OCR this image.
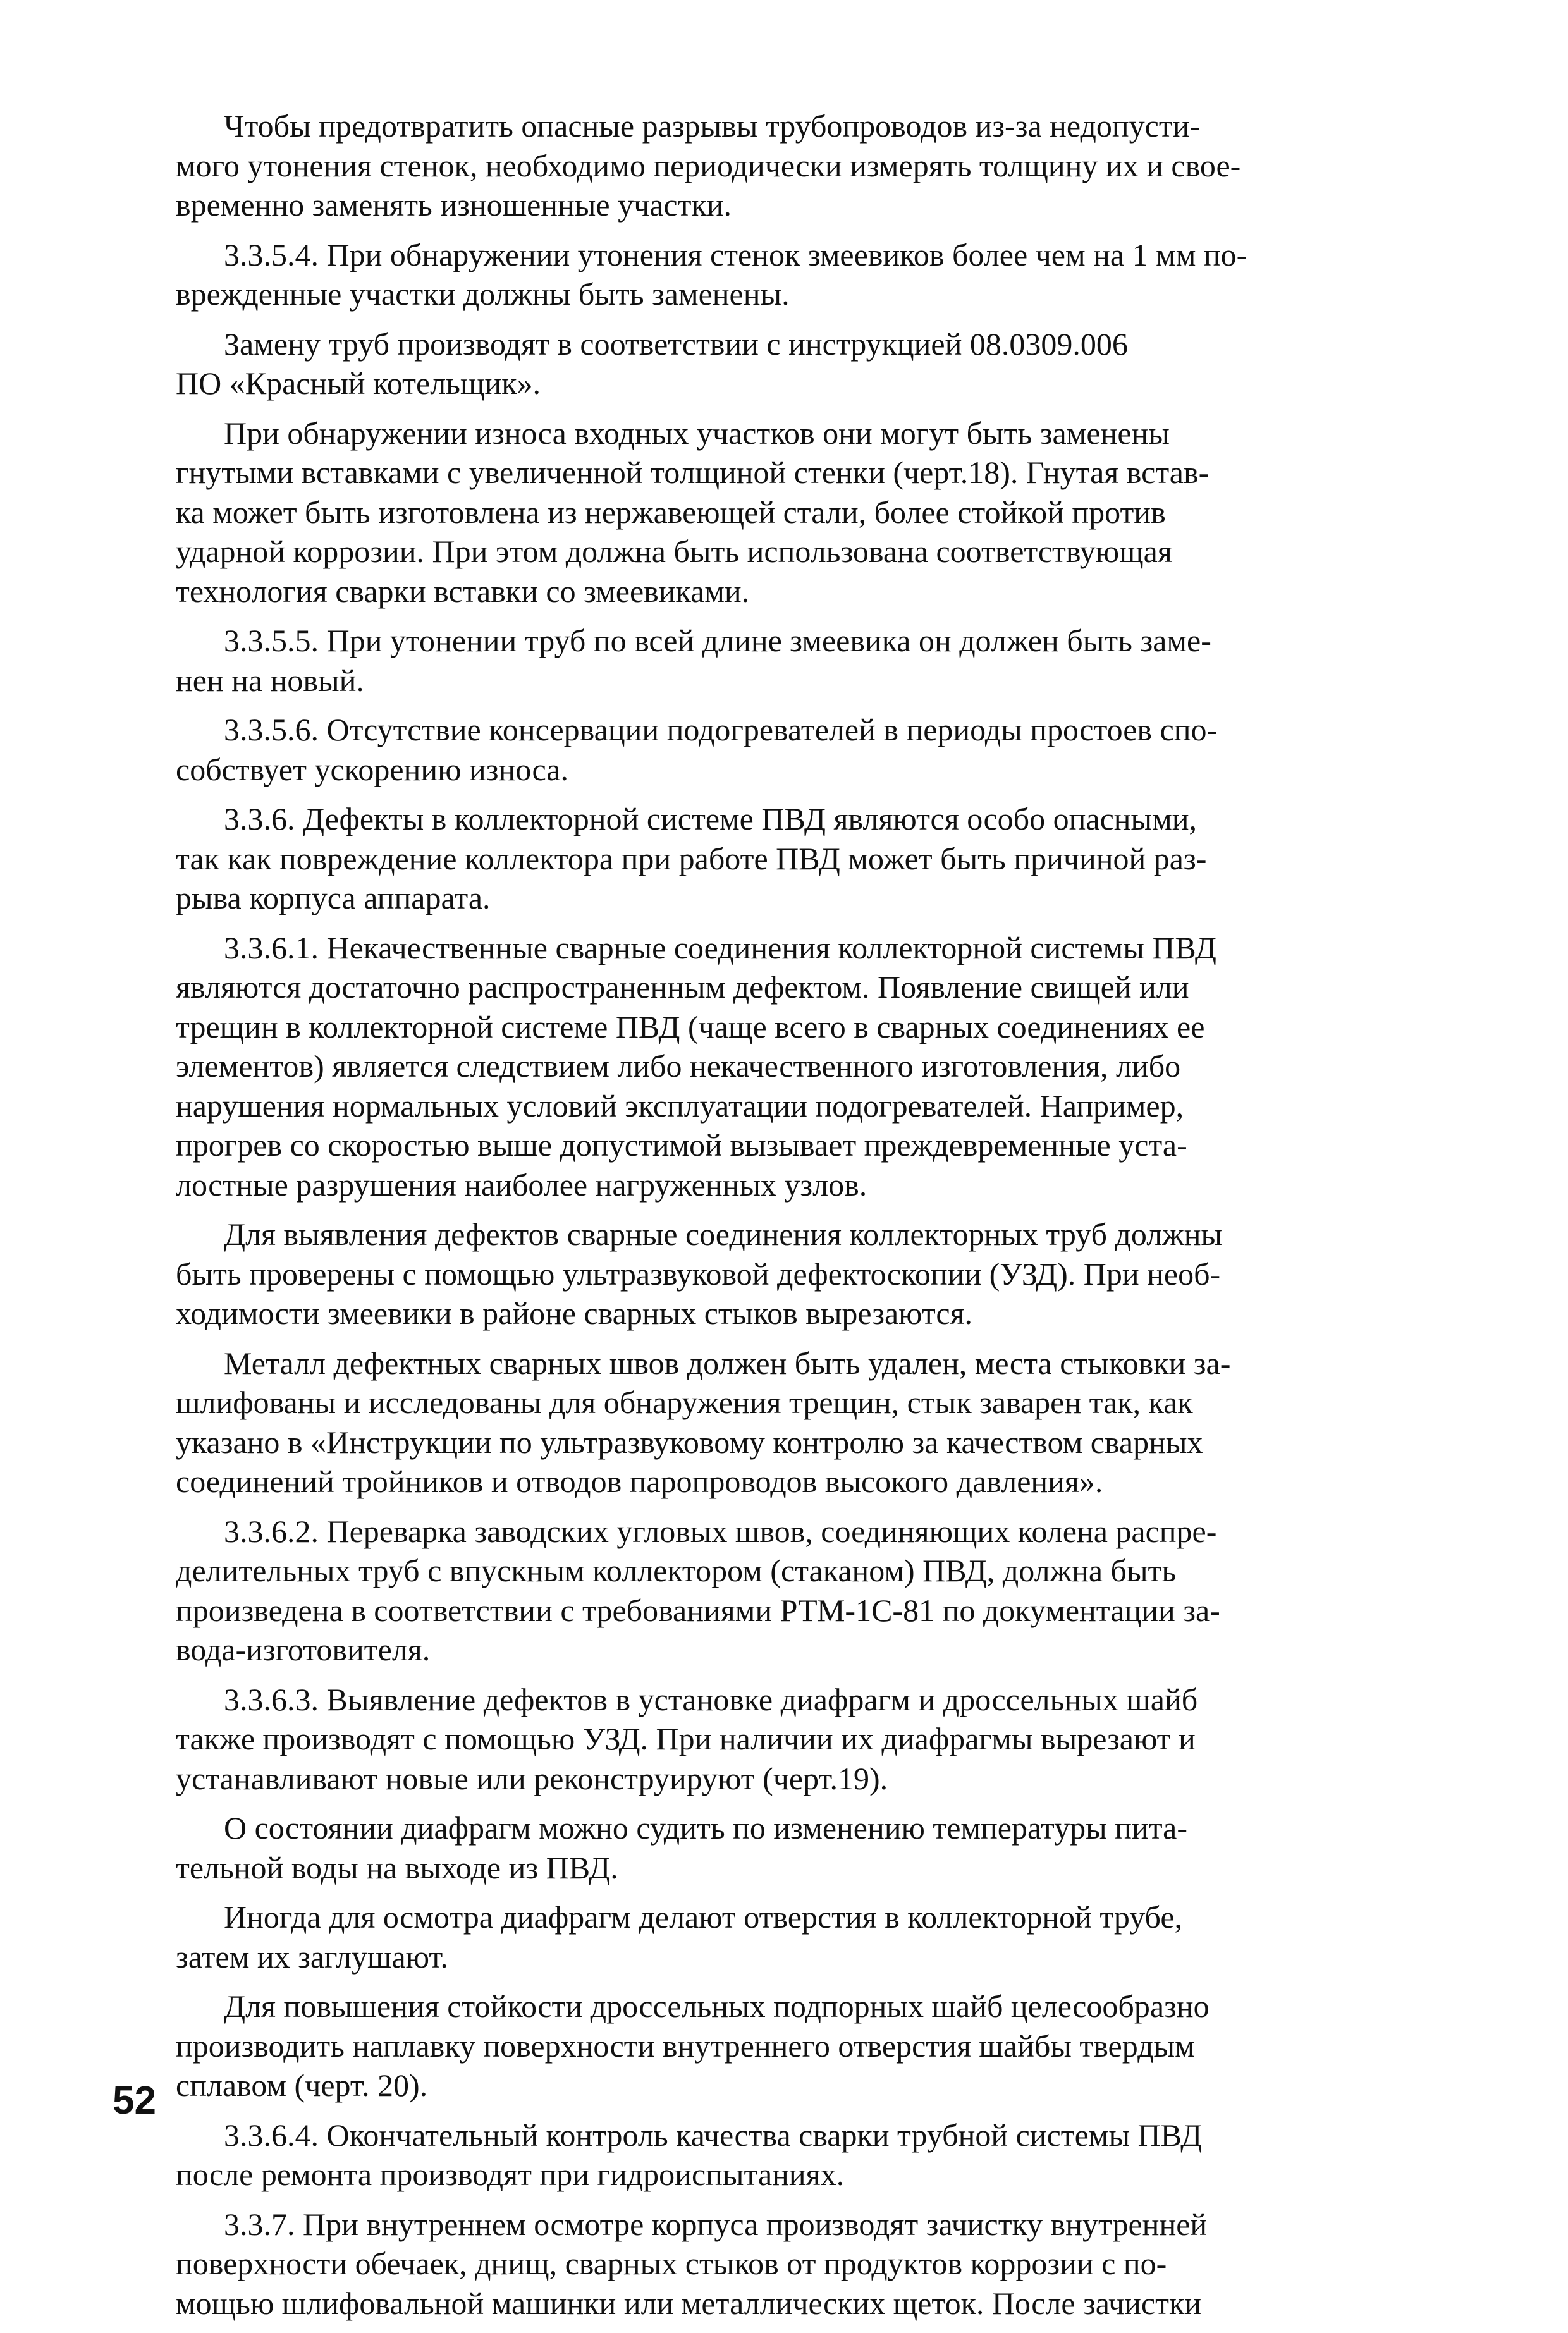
Чтобы предотвратить опасные разрывы трубопроводов из-за недопусти-
мого утонения стенок, необходимо периодически измерять толщину их и свое-
временно заменять изношенные участки.
3.3.5.4. При обнаружении утонения стенок змеевиков более чем на 1 мм по-
врежденные участки должны быть заменены.
Замену труб производят в соответствии с инструкцией 08.0309.006
ПО «Красный котельщик».
При обнаружении износа входных участков они могут быть заменены
гнутыми вставками с увеличенной толщиной стенки (черт.18). Гнутая встав-
ка может быть изготовлена из нержавеющей стали, более стойкой против
ударной коррозии. При этом должна быть использована соответствующая
технология сварки вставки со змеевиками.
3.3.5.5. При утонении труб по всей длине змеевика он должен быть заме-
нен на новый.
3.3.5.6. Отсутствие консервации подогревателей в периоды простоев спо-
собствует ускорению износа.
3.3.6. Дефекты в коллекторной системе ПВД являются особо опасными,
так как повреждение коллектора при работе ПВД может быть причиной раз-
рыва корпуса аппарата.
3.3.6.1. Некачественные сварные соединения коллекторной системы ПВД
являются достаточно распространенным дефектом. Появление свищей или
трещин в коллекторной системе ПВД (чаще всего в сварных соединениях ее
элементов) является следствием либо некачественного изготовления, либо
нарушения нормальных условий эксплуатации подогревателей. Например,
прогрев со скоростью выше допустимой вызывает преждевременные уста-
лостные разрушения наиболее нагруженных узлов.
Для выявления дефектов сварные соединения коллекторных труб должны
быть проверены с помощью ультразвуковой дефектоскопии (УЗД). При необ-
ходимости змеевики в районе сварных стыков вырезаются.
Металл дефектных сварных швов должен быть удален, места стыковки за-
шлифованы и исследованы для обнаружения трещин, стык заварен так, как
указано в «Инструкции по ультразвуковому контролю за качеством сварных
соединений тройников и отводов паропроводов высокого давления».
3.3.6.2. Переварка заводских угловых швов, соединяющих колена распре-
делительных труб с впускным коллектором (стаканом) ПВД, должна быть
произведена в соответствии с требованиями РТМ-1С-81 по документации за-
вода-изготовителя.
3.3.6.3. Выявление дефектов в установке диафрагм и дроссельных шайб
также производят с помощью УЗД. При наличии их диафрагмы вырезают и
устанавливают новые или реконструируют (черт.19).
О состоянии диафрагм можно судить по изменению температуры пита-
тельной воды на выходе из ПВД.
Иногда для осмотра диафрагм делают отверстия в коллекторной трубе,
затем их заглушают.
Для повышения стойкости дроссельных подпорных шайб целесообразно
производить наплавку поверхности внутреннего отверстия шайбы твердым
сплавом (черт. 20).
3.3.6.4. Окончательный контроль качества сварки трубной системы ПВД
после ремонта производят при гидроиспытаниях.
3.3.7. При внутреннем осмотре корпуса производят зачистку внутренней
поверхности обечаек, днищ, сварных стыков от продуктов коррозии с по-
мощью шлифовальной машинки или металлических щеток. После зачистки
52
